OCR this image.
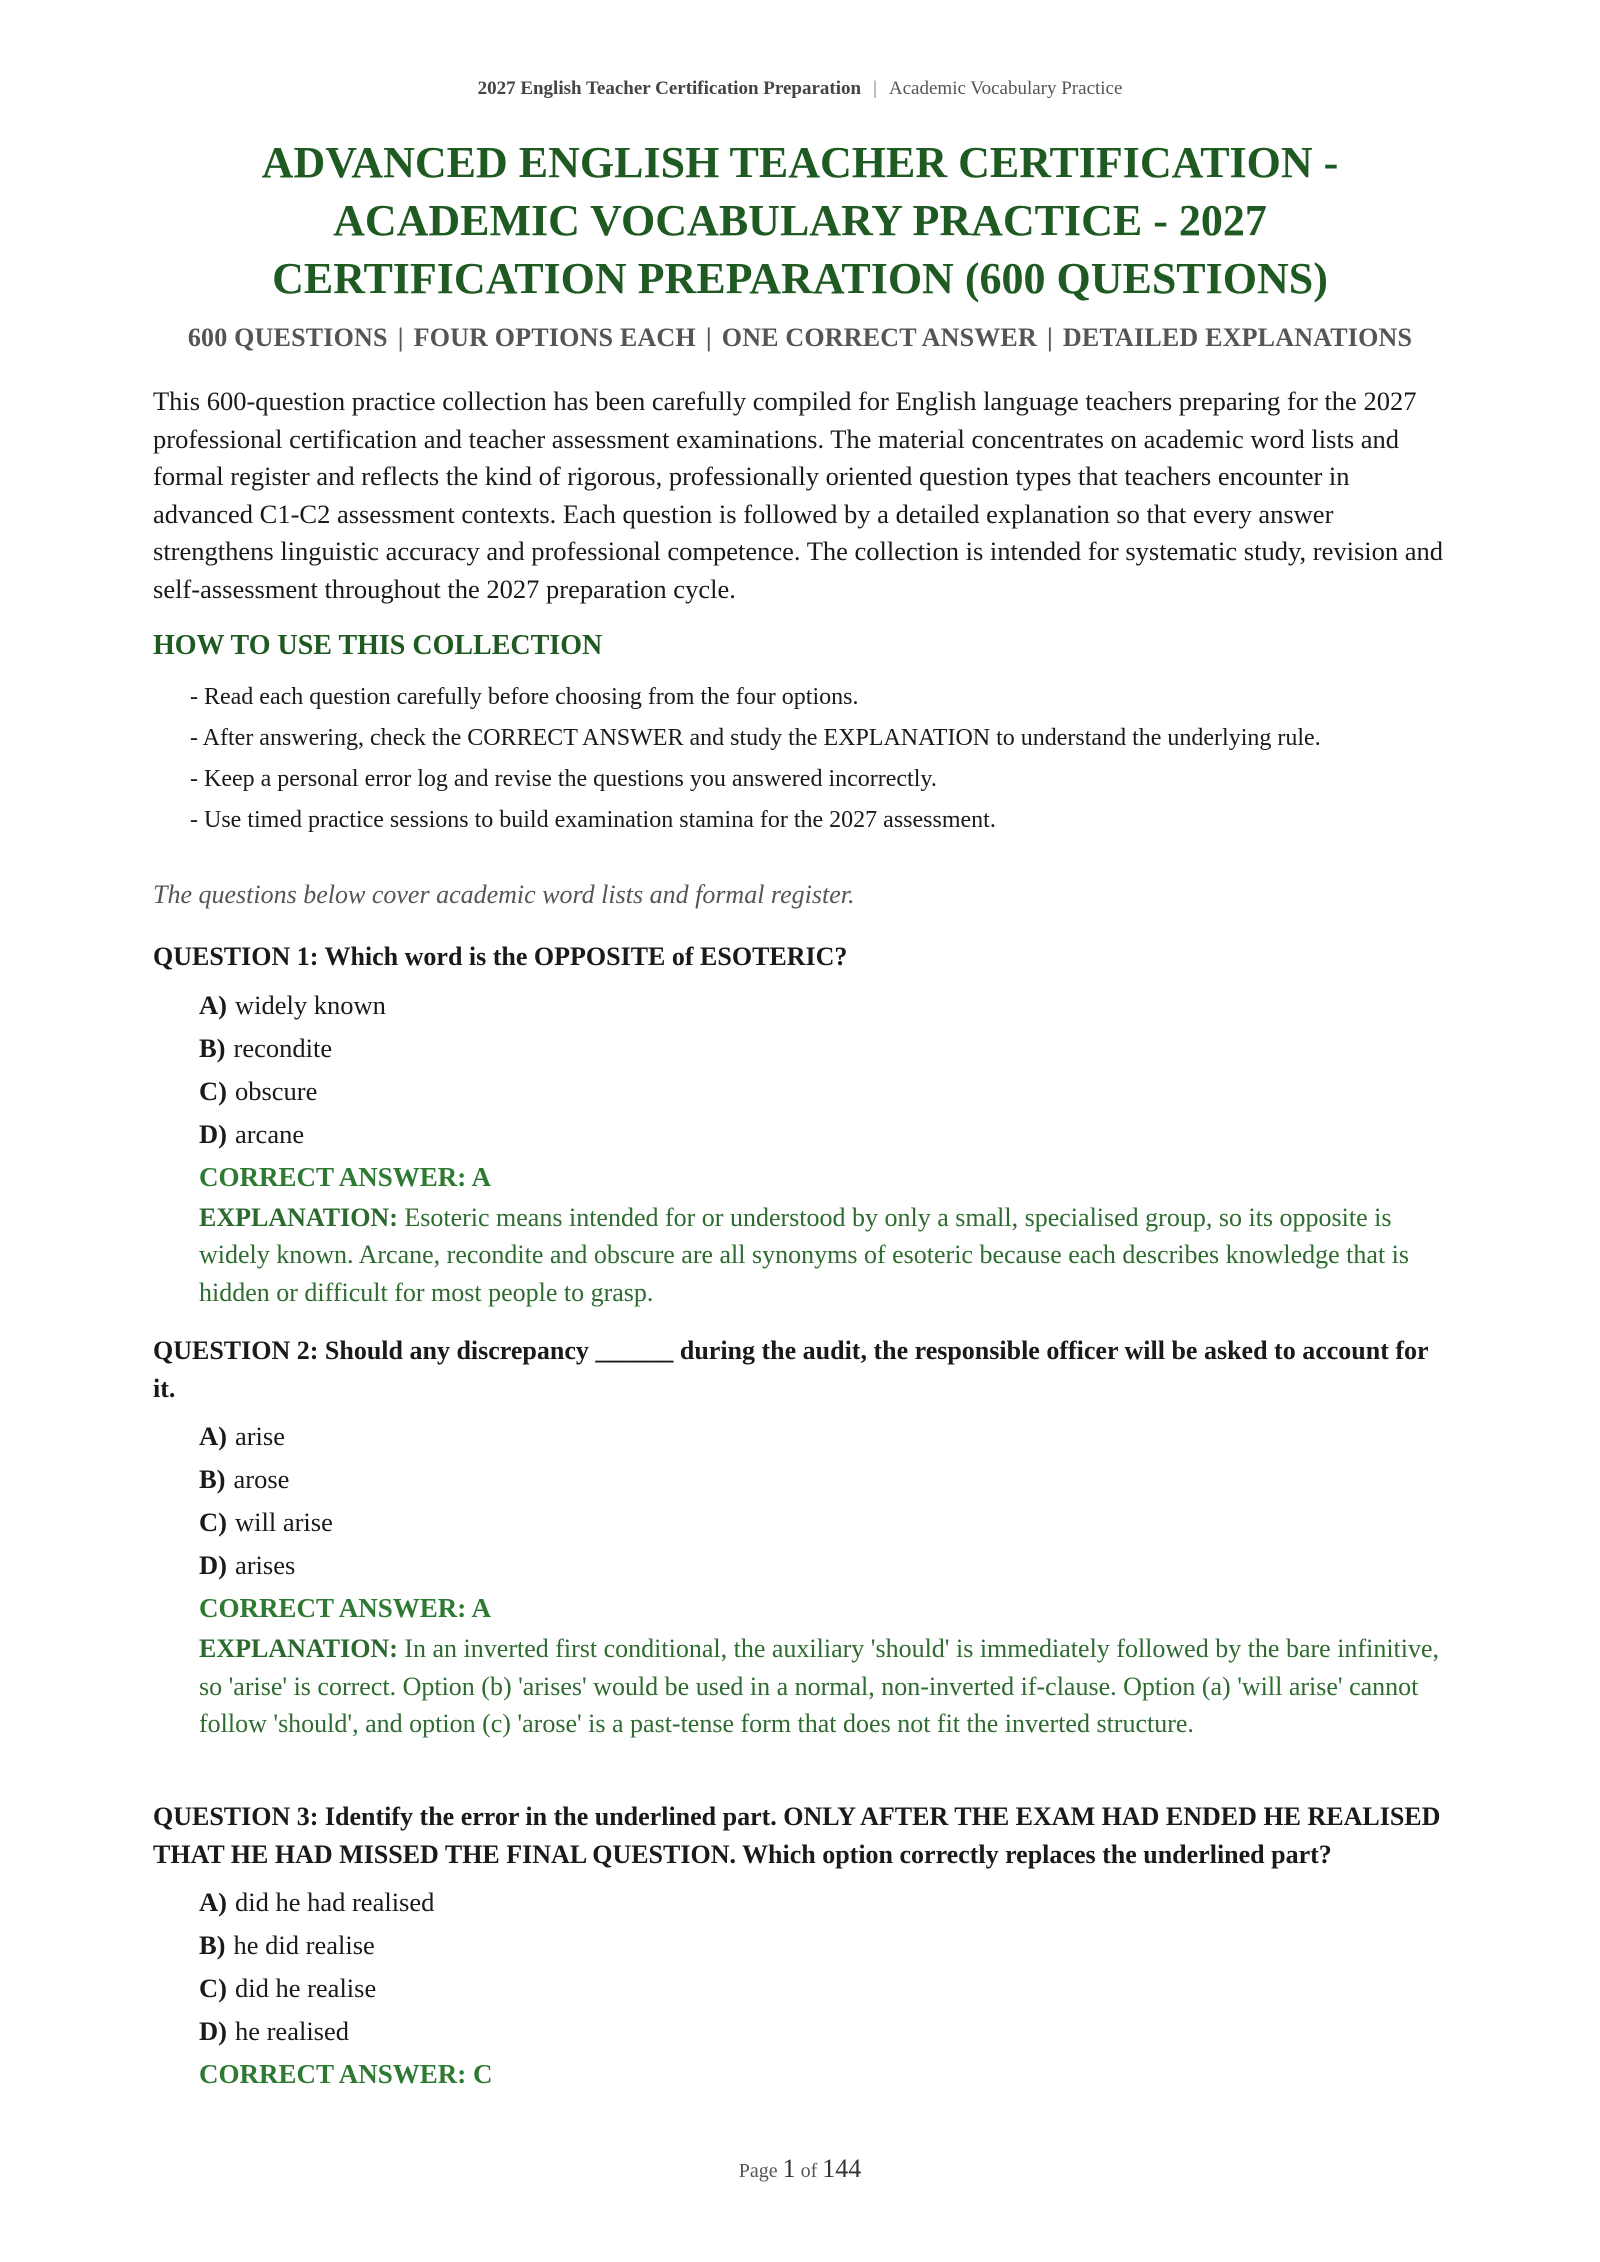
2027 English Teacher Certification Preparation | Academic Vocabulary Practice
ADVANCED ENGLISH TEACHER CERTIFICATION - ACADEMIC VOCABULARY PRACTICE - 2027 CERTIFICATION PREPARATION (600 QUESTIONS)
600 QUESTIONS | FOUR OPTIONS EACH | ONE CORRECT ANSWER | DETAILED EXPLANATIONS

This 600-question practice collection has been carefully compiled for English language teachers preparing for the 2027 professional certification and teacher assessment examinations. The material concentrates on academic word lists and formal register and reflects the kind of rigorous, professionally oriented question types that teachers encounter in advanced C1-C2 assessment contexts. Each question is followed by a detailed explanation so that every answer strengthens linguistic accuracy and professional competence. The collection is intended for systematic study, revision and self-assessment throughout the 2027 preparation cycle.

HOW TO USE THIS COLLECTION
- Read each question carefully before choosing from the four options.
- After answering, check the CORRECT ANSWER and study the EXPLANATION to understand the underlying rule.
- Keep a personal error log and revise the questions you answered incorrectly.
- Use timed practice sessions to build examination stamina for the 2027 assessment.

The questions below cover academic word lists and formal register.

QUESTION 1: Which word is the OPPOSITE of ESOTERIC?

A) widely known
B) recondite
C) obscure
D) arcane

CORRECT ANSWER: A

EXPLANATION: Esoteric means intended for or understood by only a small, specialised group, so its opposite is widely known. Arcane, recondite and obscure are all synonyms of esoteric because each describes knowledge that is hidden or difficult for most people to grasp.

QUESTION 2: Should any discrepancy ______ during the audit, the responsible officer will be asked to account for it.

A) arise
B) arose
C) will arise
D) arises

CORRECT ANSWER: A

EXPLANATION: In an inverted first conditional, the auxiliary 'should' is immediately followed by the bare infinitive, so 'arise' is correct. Option (b) 'arises' would be used in a normal, non-inverted if-clause. Option (a) 'will arise' cannot follow 'should', and option (c) 'arose' is a past-tense form that does not fit the inverted structure.

QUESTION 3: Identify the error in the underlined part. ONLY AFTER THE EXAM HAD ENDED HE REALISED THAT HE HAD MISSED THE FINAL QUESTION. Which option correctly replaces the underlined part?

A) did he had realised
B) he did realise
C) did he realise
D) he realised

CORRECT ANSWER: C

Page 1 of 144
